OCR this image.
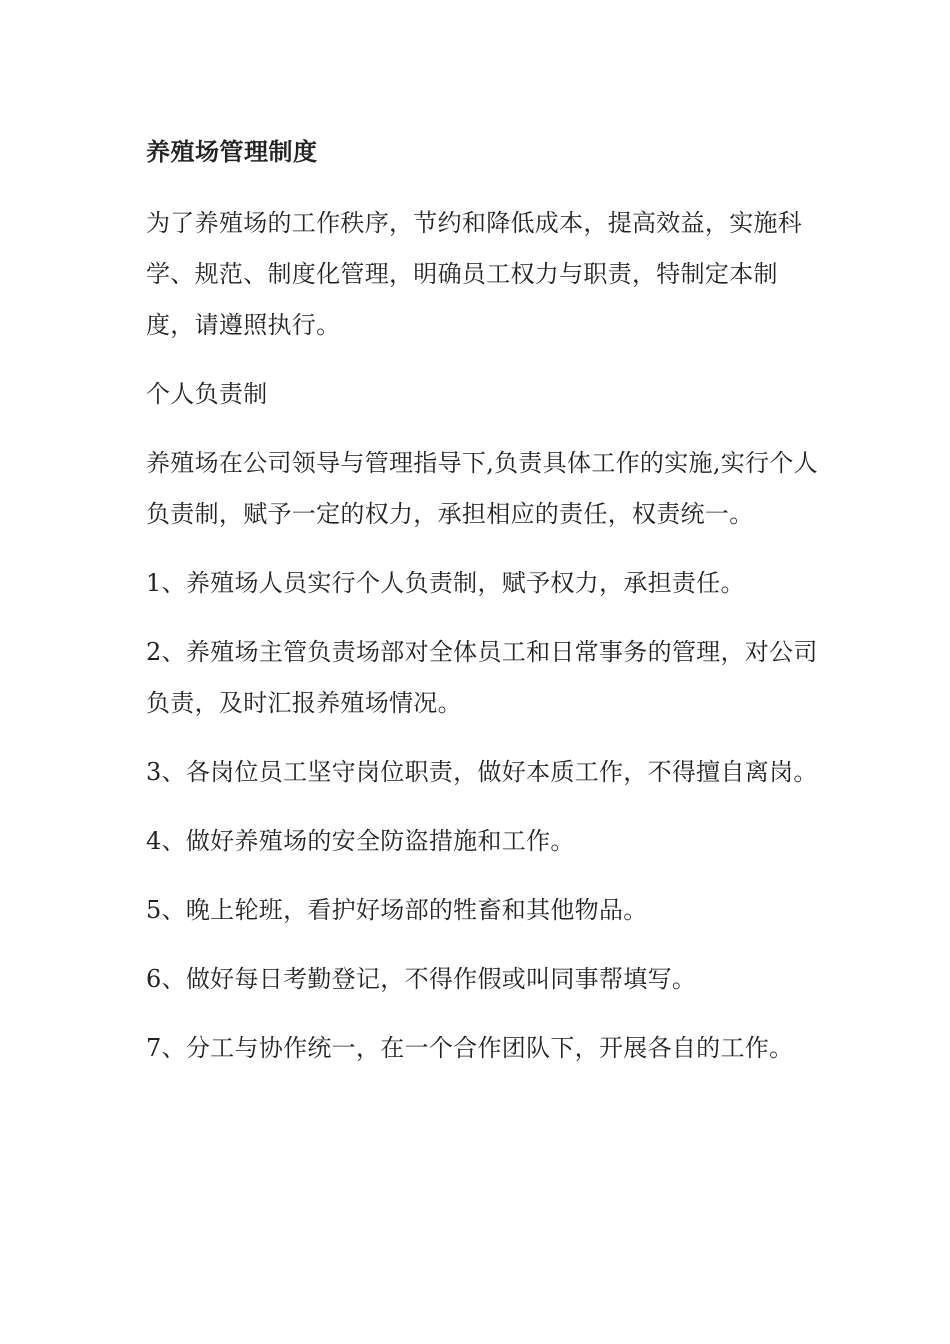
养殖场管理制度

为了养殖场的工作秩序，节约和降低成本，提高效益，实施科学、规范、制度化管理，明确员工权力与职责，特制定本制度，请遵照执行。

个人负责制

养殖场在公司领导与管理指导下,负责具体工作的实施,实行个人负责制，赋予一定的权力，承担相应的责任，权责统一。

1、养殖场人员实行个人负责制，赋予权力，承担责任。

2、养殖场主管负责场部对全体员工和日常事务的管理，对公司负责，及时汇报养殖场情况。

3、各岗位员工坚守岗位职责，做好本质工作，不得擅自离岗。

4、做好养殖场的安全防盗措施和工作。

5、晚上轮班，看护好场部的牲畜和其他物品。

6、做好每日考勤登记，不得作假或叫同事帮填写。

7、分工与协作统一，在一个合作团队下，开展各自的工作。
